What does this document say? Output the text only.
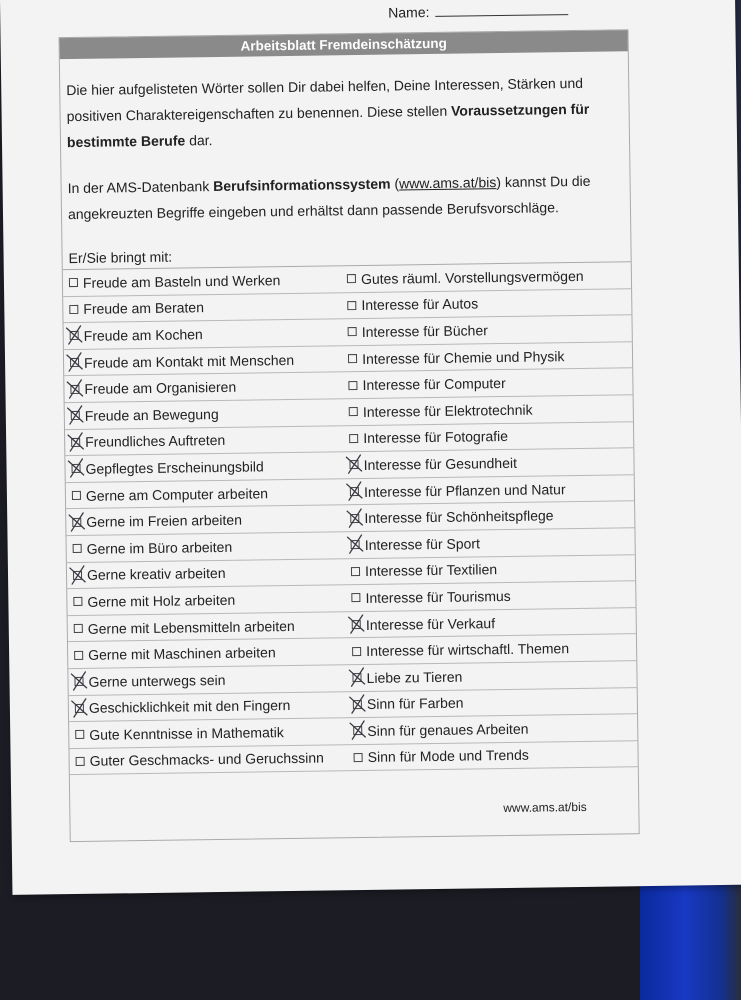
Name:
Arbeitsblatt Fremdeinschätzung

Die hier aufgelisteten Wörter sollen Dir dabei helfen, Deine Interessen, Stärken und positiven Charaktereigenschaften zu benennen. Diese stellen Voraussetzungen für bestimmte Berufe dar.

In der AMS-Datenbank Berufsinformationssystem (www.ams.at/bis) kannst Du die angekreuzten Begriffe eingeben und erhältst dann passende Berufsvorschläge.

Er/Sie bringt mit:
Freude am Basteln und Werken	Gutes räuml. Vorstellungsvermögen
Freude am Beraten	Interesse für Autos
Freude am Kochen	Interesse für Bücher
Freude am Kontakt mit Menschen	Interesse für Chemie und Physik
Freude am Organisieren	Interesse für Computer
Freude an Bewegung	Interesse für Elektrotechnik
Freundliches Auftreten	Interesse für Fotografie
Gepflegtes Erscheinungsbild	Interesse für Gesundheit
Gerne am Computer arbeiten	Interesse für Pflanzen und Natur
Gerne im Freien arbeiten	Interesse für Schönheitspflege
Gerne im Büro arbeiten	Interesse für Sport
Gerne kreativ arbeiten	Interesse für Textilien
Gerne mit Holz arbeiten	Interesse für Tourismus
Gerne mit Lebensmitteln arbeiten	Interesse für Verkauf
Gerne mit Maschinen arbeiten	Interesse für wirtschaftl. Themen
Gerne unterwegs sein	Liebe zu Tieren
Geschicklichkeit mit den Fingern	Sinn für Farben
Gute Kenntnisse in Mathematik	Sinn für genaues Arbeiten
Guter Geschmacks- und Geruchssinn	Sinn für Mode und Trends
www.ams.at/bis
